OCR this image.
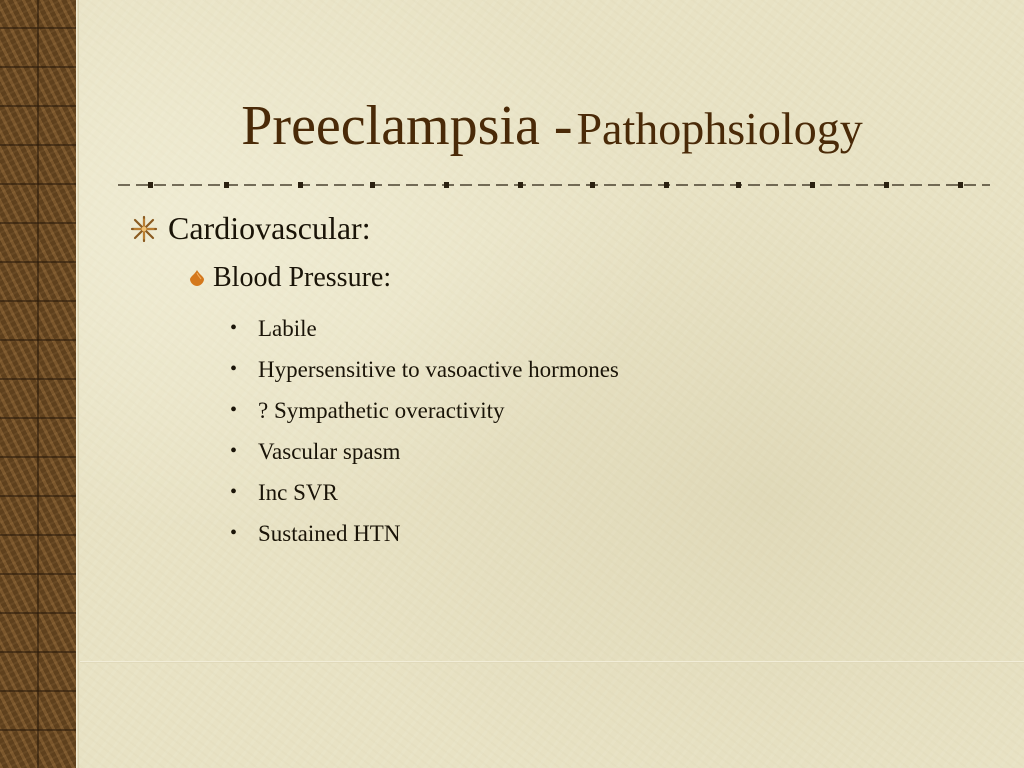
Preeclampsia - Pathophsiology
Cardiovascular:
Blood Pressure:
• Labile
• Hypersensitive to vasoactive hormones
• ? Sympathetic overactivity
• Vascular spasm
• Inc SVR
• Sustained HTN
